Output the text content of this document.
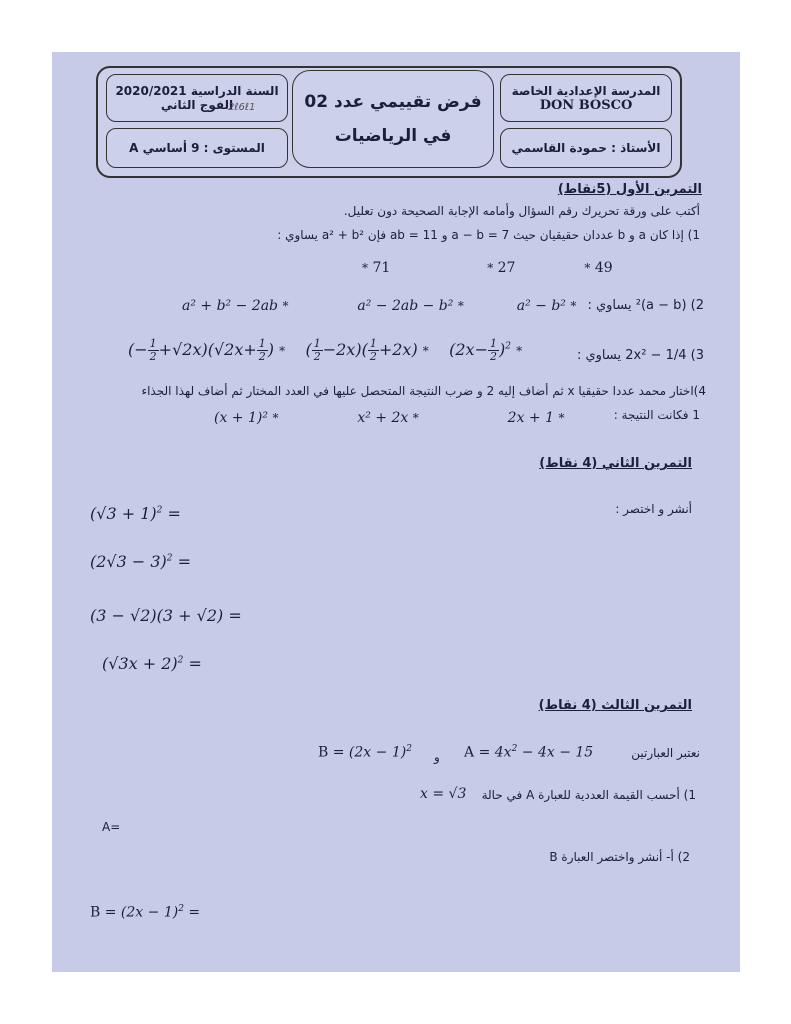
المدرسة الإعدادية الخاصة
DON BOSCO
الأستاذ : حمودة القاسمي
فرض تقييمي عدد 02
في الرياضيات
السنة الدراسية 2020/2021
الفوج الثاني
2ℓ6ℓ1
المستوى : 9 أساسي A
التمرين الأول (5نقاط)
أكتب على ورقة تحريرك رقم السؤال وأمامه الإجابة الصحيحة دون تعليل.
1) إذا كان a و b عددان حقيقيان حيث a − b = 7 و ab = 11 فإن a² + b² يساوي :
* 71	* 27	* 49
2) (a − b)² يساوي :
a² + b² − 2ab *	a² − 2ab − b² *	a² − b² *
3) 2x² − 1/4 يساوي :
(− $\frac{1}{2} +√2x)(√2x+ \frac{1}{2}$ ) * ( $\frac{1}{2} -2x)( \frac{1}{2} +2x) * (2x- \frac{1}{2} )^2$ *
4)اختار محمد عددا حقيقيا x ثم أضاف إليه 2 و ضرب النتيجة المتحصل عليها في العدد المختار ثم أضاف لهذا الجذاء
1 فكانت النتيجة :
(x + 1)² *	x² + 2x *	2x + 1 *
التمرين الثاني (4 نقاط)
أنشر و اختصر :
$(√3 + 1)^2$ =
$(2√3 - 3)^2$ =
(3 − √2)(3 + √2) =
$(√3x + 2)^2$ =
التمرين الثالث (4 نقاط)
$B = (2x - 1)^2$
و $A = 4x^2 - 4x - 15$	نعتبر العبارتين
x = √3 1) أحسب القيمة العددية للعبارة A في حالة
A=
2) أ- أنشر واختصر العبارة B
$B = (2x - 1)^2$ =
